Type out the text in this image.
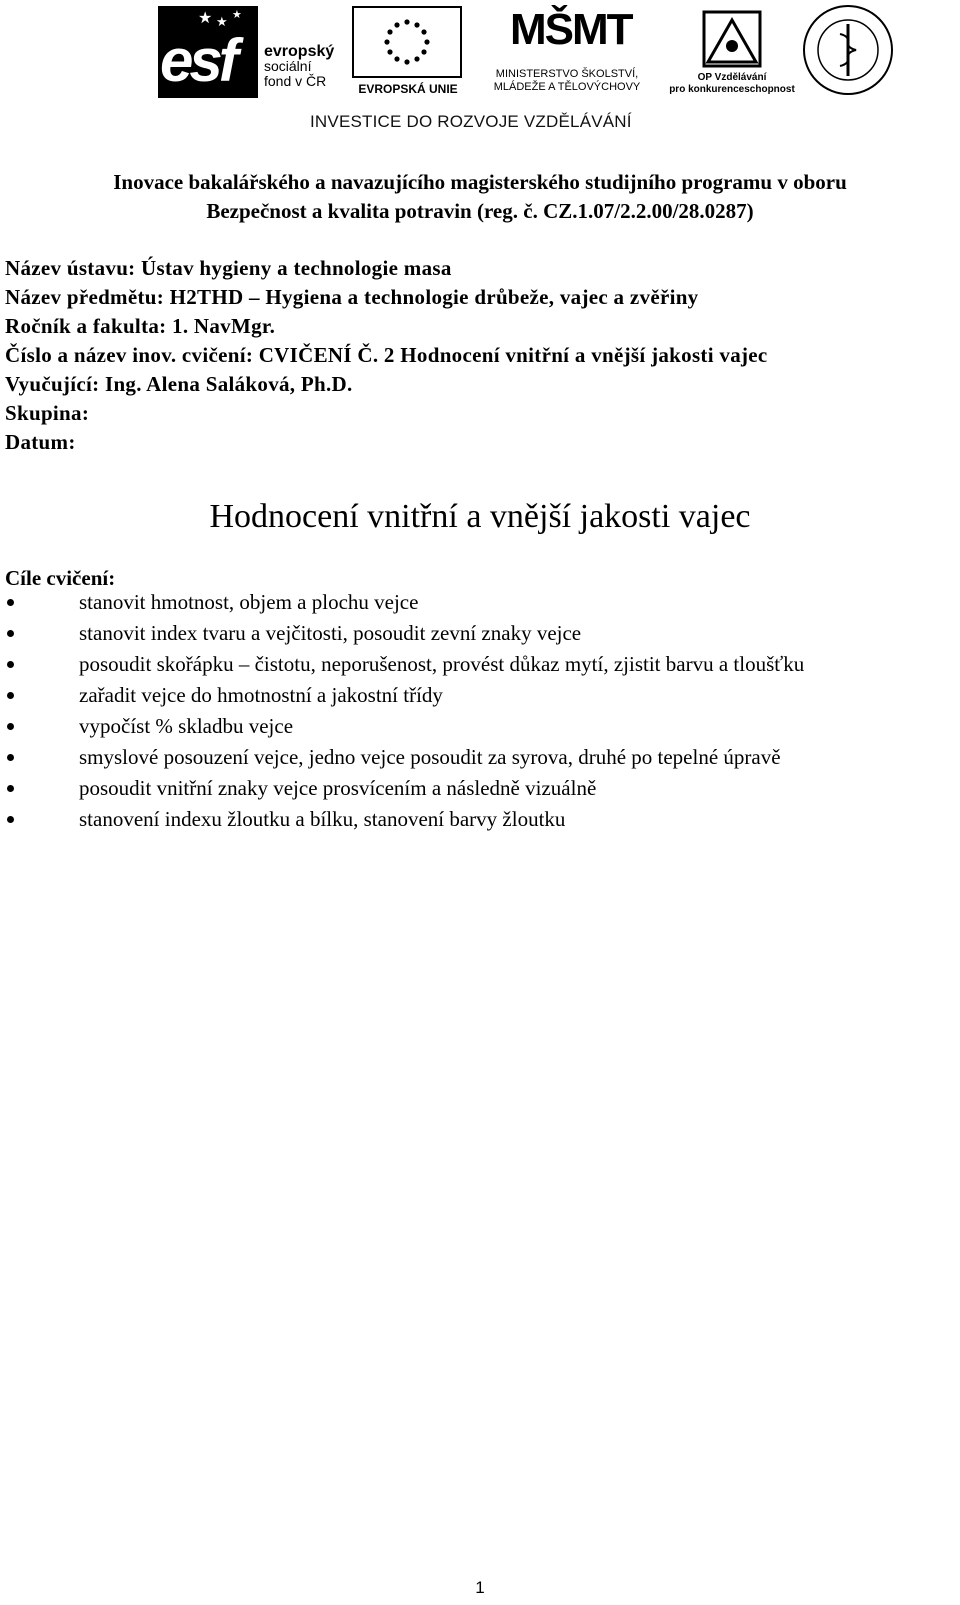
esf
★ ★ ★
evropský
sociální
fond v ČR	EVROPSKÁ UNIE
MŠMT
MINISTERSTVO ŠKOLSTVÍ,
MLÁDEŽE A TĚLOVÝCHOVY
OP Vzdělávání
pro konkurenceschopnost
INVESTICE DO ROZVOJE VZDĚLÁVÁNÍ
Inovace bakalářského a navazujícího magisterského studijního programu v oboru
Bezpečnost a kvalita potravin (reg. č. CZ.1.07/2.2.00/28.0287)
Název ústavu: Ústav hygieny a technologie masa
Název předmětu: H2THD – Hygiena a technologie drůbeže, vajec a zvěřiny
Ročník a fakulta: 1. NavMgr.
Číslo a název inov. cvičení: CVIČENÍ Č. 2 Hodnocení vnitřní a vnější jakosti vajec
Vyučující: Ing. Alena Saláková, Ph.D.
Skupina:
Datum:
Hodnocení vnitřní a vnější jakosti vajec
Cíle cvičení:
stanovit hmotnost, objem a plochu vejce
stanovit index tvaru a vejčitosti, posoudit zevní znaky vejce
posoudit skořápku – čistotu, neporušenost, provést důkaz mytí, zjistit barvu a tloušťku
zařadit vejce do hmotnostní a jakostní třídy
vypočíst % skladbu vejce
smyslové posouzení vejce, jedno vejce posoudit za syrova, druhé po tepelné úpravě
posoudit vnitřní znaky vejce prosvícením a následně vizuálně
stanovení indexu žloutku a bílku, stanovení barvy žloutku
1
